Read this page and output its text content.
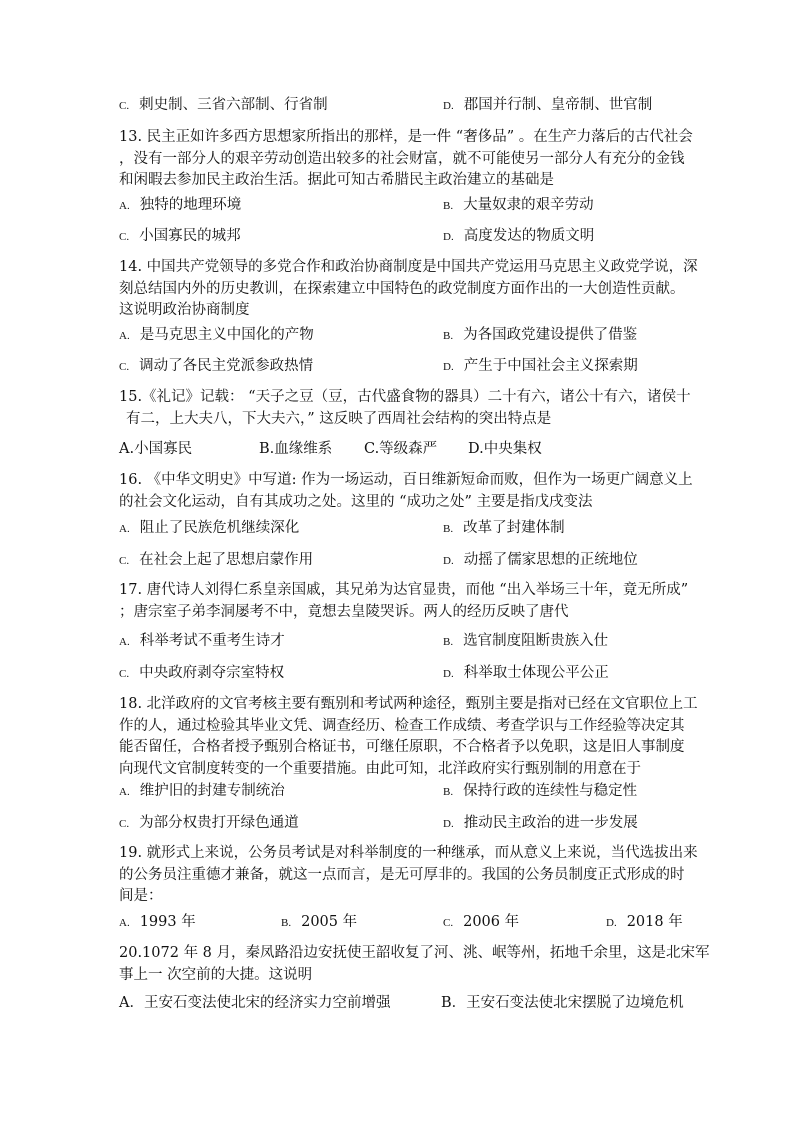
C. 刺史制、三省六部制、行省制	D. 郡国并行制、皇帝制、世官制

13. 民主正如许多西方思想家所指出的那样，是一件 “奢侈品” 。在生产力落后的古代社会

，没有一部分人的艰辛劳动创造出较多的社会财富，就不可能使另一部分人有充分的金钱

和闲暇去参加民主政治生活。据此可知古希腊民主政治建立的基础是

A. 独特的地理环境	B. 大量奴隶的艰辛劳动
C. 小国寡民的城邦	D. 高度发达的物质文明

14. 中国共产党领导的多党合作和政治协商制度是中国共产党运用马克思主义政党学说，深

刻总结国内外的历史教训，在探索建立中国特色的政党制度方面作出的一大创造性贡献。

这说明政治协商制度

A. 是马克思主义中国化的产物	B. 为各国政党建设提供了借鉴
C. 调动了各民主党派参政热情	D. 产生于中国社会主义探索期

15.《礼记》记载： “天子之豆（豆，古代盛食物的器具）二十有六，诸公十有六，诸侯十

有二，上大夫八，下大夫六，” 这反映了西周社会结构的突出特点是

A.小国寡民	B.血缘维系 C.等级森严 D.中央集权

16. 《中华文明史》中写道: 作为一场运动，百日维新短命而败，但作为一场更广阔意义上

的社会文化运动，自有其成功之处。这里的 “成功之处” 主要是指戊戌变法

A. 阻止了民族危机继续深化	B. 改革了封建体制
C. 在社会上起了思想启蒙作用	D. 动摇了儒家思想的正统地位

17. 唐代诗人刘得仁系皇亲国戚，其兄弟为达官显贵，而他 “出入举场三十年，竟无所成”

；唐宗室子弟李洞屡考不中，竟想去皇陵哭诉。两人的经历反映了唐代

A. 科举考试不重考生诗才	B. 选官制度阻断贵族入仕
C. 中央政府剥夺宗室特权	D. 科举取士体现公平公正

18. 北洋政府的文官考核主要有甄别和考试两种途径，甄别主要是指对已经在文官职位上工

作的人，通过检验其毕业文凭、调查经历、检查工作成绩、考查学识与工作经验等决定其

能否留任，合格者授予甄别合格证书，可继任原职，不合格者予以免职，这是旧人事制度

向现代文官制度转变的一个重要措施。由此可知，北洋政府实行甄别制的用意在于

A. 维护旧的封建专制统治	B. 保持行政的连续性与稳定性
C. 为部分权贵打开绿色通道	D. 推动民主政治的进一步发展

19. 就形式上来说，公务员考试是对科举制度的一种继承，而从意义上来说，当代选拔出来

的公务员注重德才兼备，就这一点而言，是无可厚非的。我国的公务员制度正式形成的时

间是：

A. 1993 年	B. 2005 年	C. 2006 年	D. 2018 年

20.1072 年 8 月，秦凤路沿边安抚使王韶收复了河、洮、岷等州，拓地千余里，这是北宋军

事上一 次空前的大捷。这说明

A．王安石变法使北宋的经济实力空前增强	B．王安石变法使北宋摆脱了边境危机
